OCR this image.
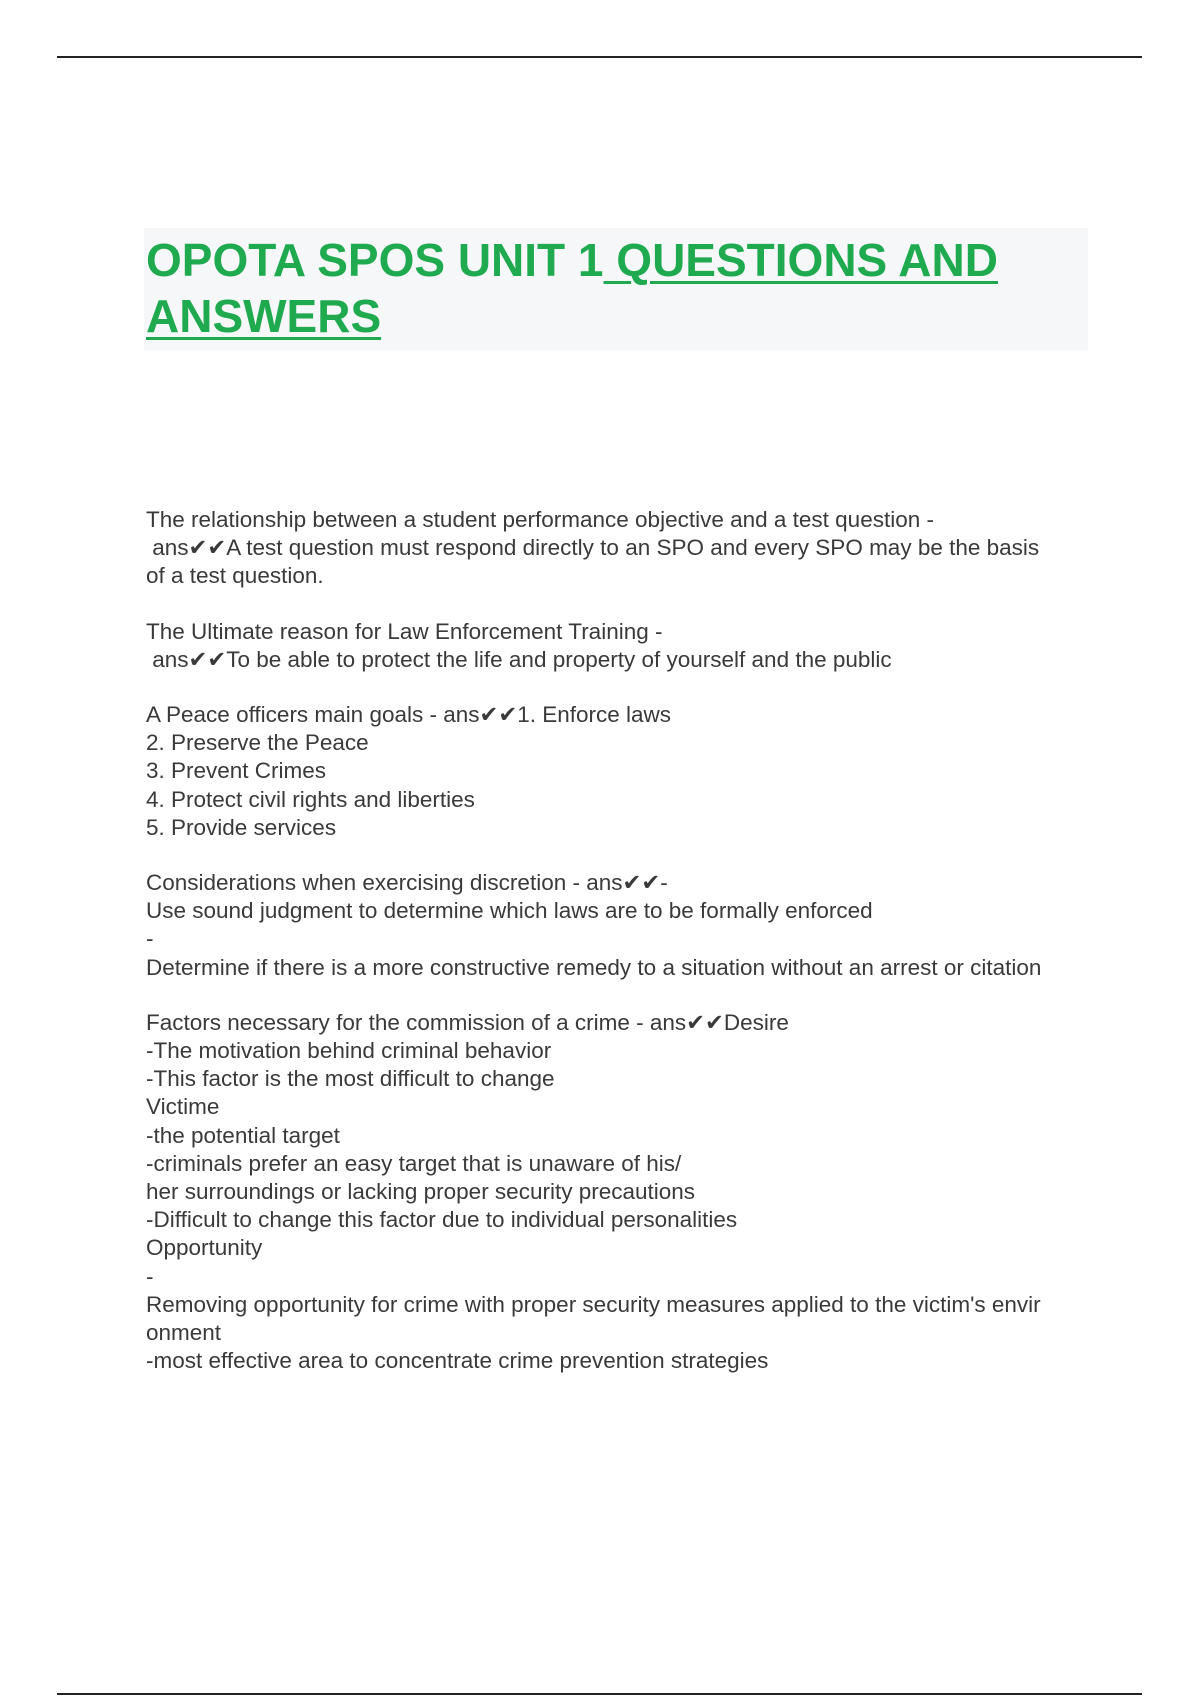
OPOTA SPOS UNIT 1 QUESTIONS AND
ANSWERS
The relationship between a student performance objective and a test question -
ans✔✔A test question must respond directly to an SPO and every SPO may be the basis
of a test question.
The Ultimate reason for Law Enforcement Training -
ans✔✔To be able to protect the life and property of yourself and the public
A Peace officers main goals - ans✔✔1. Enforce laws
2. Preserve the Peace
3. Prevent Crimes
4. Protect civil rights and liberties
5. Provide services
Considerations when exercising discretion - ans✔✔-
Use sound judgment to determine which laws are to be formally enforced
-
Determine if there is a more constructive remedy to a situation without an arrest or citation
Factors necessary for the commission of a crime - ans✔✔Desire
-The motivation behind criminal behavior
-This factor is the most difficult to change
Victime
-the potential target
-criminals prefer an easy target that is unaware of his/
her surroundings or lacking proper security precautions
-Difficult to change this factor due to individual personalities
Opportunity
-
Removing opportunity for crime with proper security measures applied to the victim's envir
onment
-most effective area to concentrate crime prevention strategies
